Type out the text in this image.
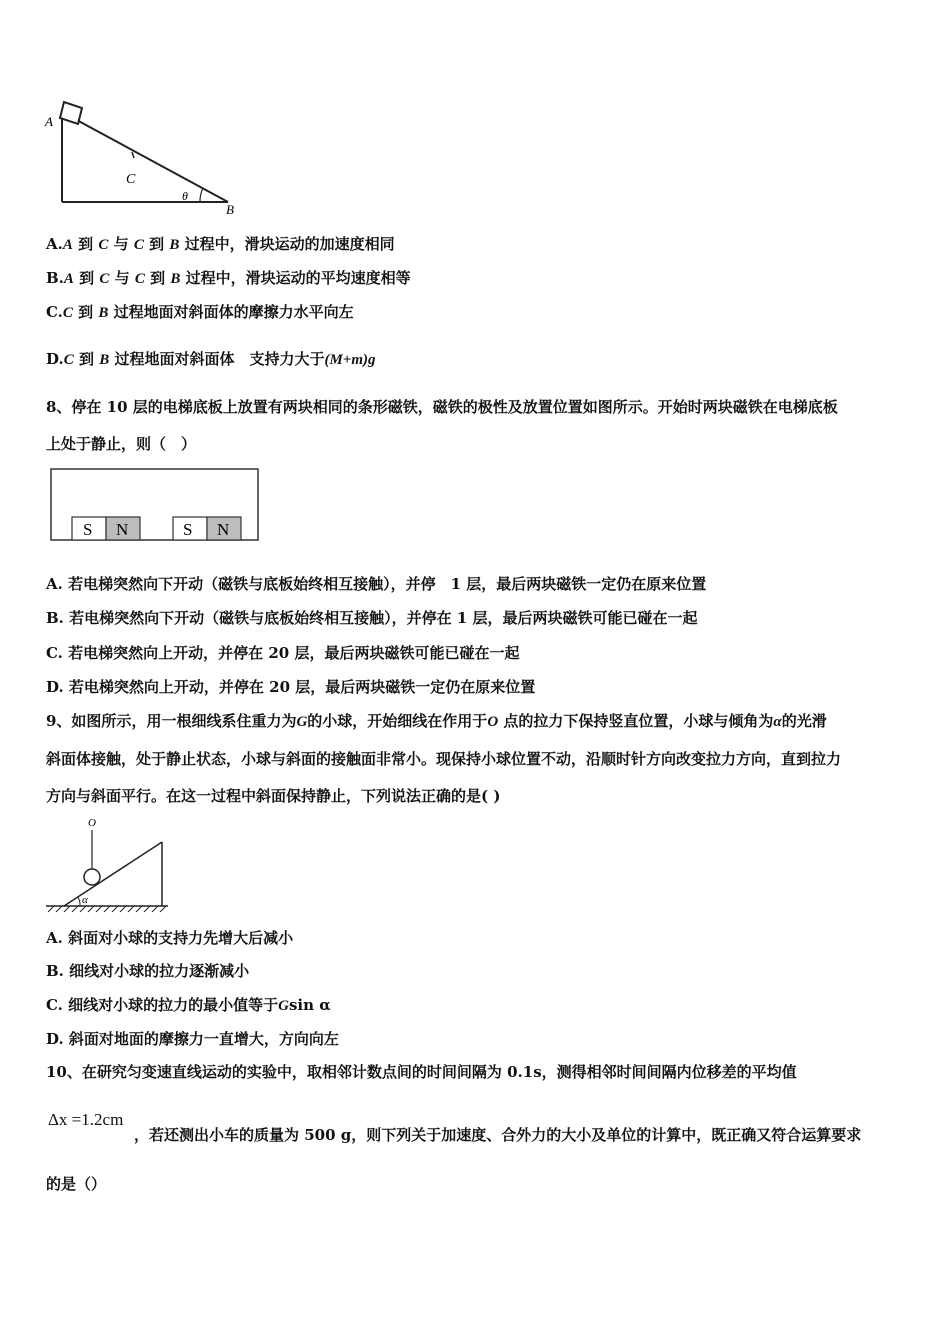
A
C
θ
B
A.A 到 C 与 C 到 B 过程中，滑块运动的加速度相同
B.A 到 C 与 C 到 B 过程中，滑块运动的平均速度相等
C.C 到 B 过程地面对斜面体的摩擦力水平向左
D.C 到 B 过程地面对斜面体　支持力大于(M+m)g
8、停在 10 层的电梯底板上放置有两块相同的条形磁铁，磁铁的极性及放置位置如图所示。开始时两块磁铁在电梯底板
上处于静止，则（　）
S N	S N
A. 若电梯突然向下开动（磁铁与底板始终相互接触），并停　1 层，最后两块磁铁一定仍在原来位置
B. 若电梯突然向下开动（磁铁与底板始终相互接触），并停在 1 层，最后两块磁铁可能已碰在一起
C. 若电梯突然向上开动，并停在 20 层，最后两块磁铁可能已碰在一起
D. 若电梯突然向上开动，并停在 20 层，最后两块磁铁一定仍在原来位置
9、如图所示，用一根细线系住重力为G的小球，开始细线在作用于O 点的拉力下保持竖直位置，小球与倾角为α的光滑
斜面体接触，处于静止状态，小球与斜面的接触面非常小。现保持小球位置不动，沿顺时针方向改变拉力方向，直到拉力
方向与斜面平行。在这一过程中斜面保持静止，下列说法正确的是( )
O
α
A. 斜面对小球的支持力先增大后减小
B. 细线对小球的拉力逐渐减小
C. 细线对小球的拉力的最小值等于Gsin α
D. 斜面对地面的摩擦力一直增大，方向向左
10、在研究匀变速直线运动的实验中，取相邻计数点间的时间间隔为 0.1s，测得相邻时间间隔内位移差的平均值
Δx =1.2cm
，若还测出小车的质量为 500 g，则下列关于加速度、合外力的大小及单位的计算中，既正确又符合运算要求
的是（）
